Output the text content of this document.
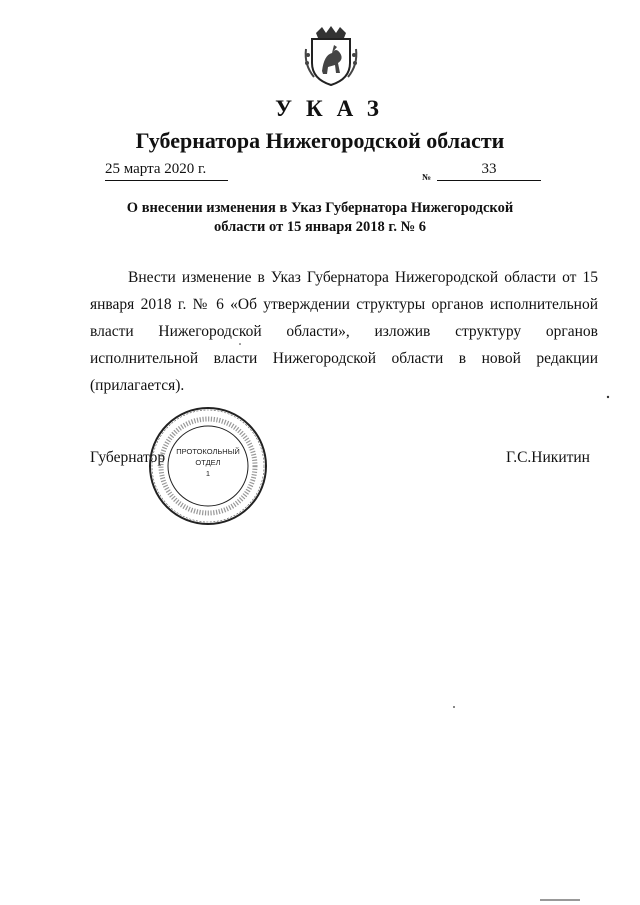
УКАЗ
Губернатора Нижегородской области
25 марта 2020 г.	№	33
О внесении изменения в Указ Губернатора Нижегородской
области от 15 января 2018 г. № 6
Внести изменение в Указ Губернатора Нижегородской области от 15 января 2018 г. № 6 «Об утверждении структуры органов исполнительной власти Нижегородской области», изложив структуру органов исполнительной власти Нижегородской области в новой редакции (прилагается).
Губернатор	Г.С.Никитин
ПРОТОКОЛЬНЫЙ
ОТДЕЛ
1
